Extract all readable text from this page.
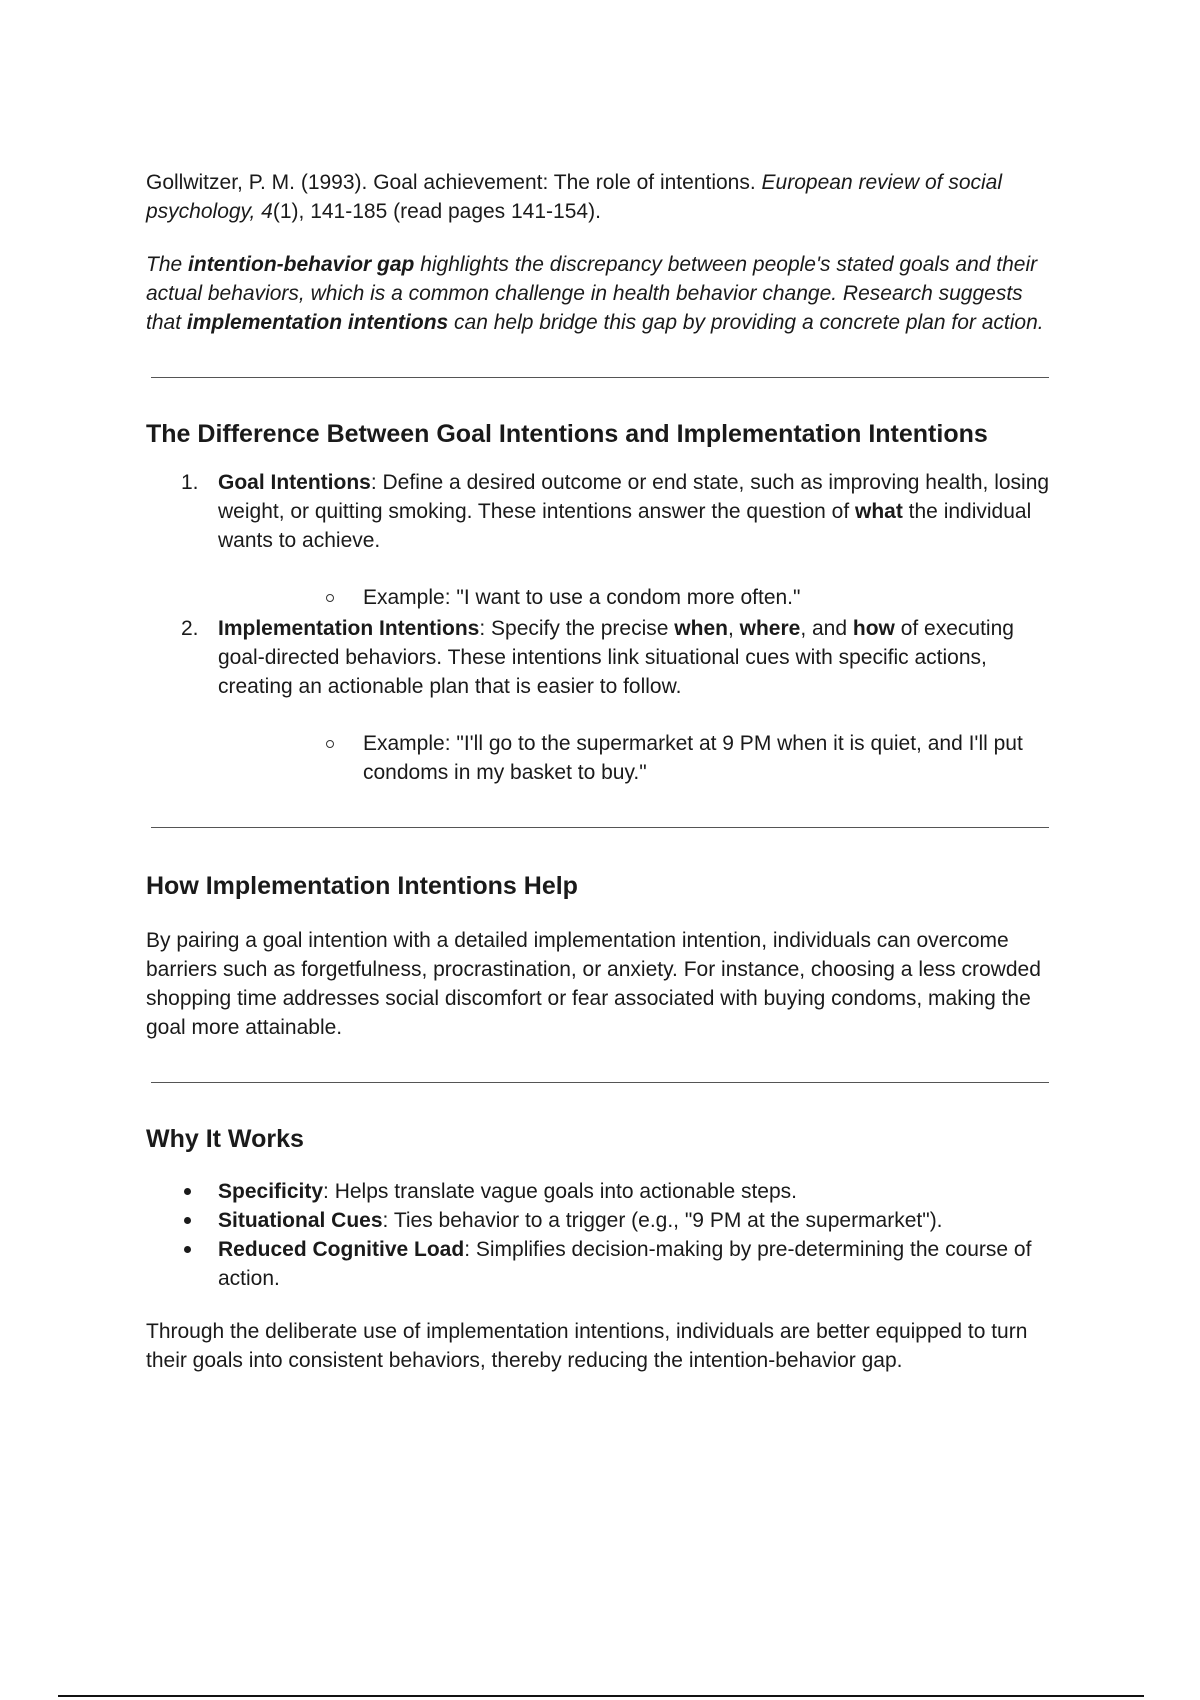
Gollwitzer, P. M. (1993). Goal achievement: The role of intentions. European review of social psychology, 4(1), 141-185 (read pages 141-154).

The intention-behavior gap highlights the discrepancy between people's stated goals and their actual behaviors, which is a common challenge in health behavior change. Research suggests that implementation intentions can help bridge this gap by providing a concrete plan for action.

The Difference Between Goal Intentions and Implementation Intentions
1. Goal Intentions: Define a desired outcome or end state, such as improving health, losing weight, or quitting smoking. These intentions answer the question of what the individual wants to achieve.
Example: "I want to use a condom more often."
2. Implementation Intentions: Specify the precise when, where, and how of executing goal-directed behaviors. These intentions link situational cues with specific actions, creating an actionable plan that is easier to follow.
Example: "I'll go to the supermarket at 9 PM when it is quiet, and I'll put condoms in my basket to buy."
How Implementation Intentions Help

By pairing a goal intention with a detailed implementation intention, individuals can overcome barriers such as forgetfulness, procrastination, or anxiety. For instance, choosing a less crowded shopping time addresses social discomfort or fear associated with buying condoms, making the goal more attainable.

Why It Works
Specificity: Helps translate vague goals into actionable steps.
Situational Cues: Ties behavior to a trigger (e.g., "9 PM at the supermarket").
Reduced Cognitive Load: Simplifies decision-making by pre-determining the course of action.

Through the deliberate use of implementation intentions, individuals are better equipped to turn their goals into consistent behaviors, thereby reducing the intention-behavior gap.
